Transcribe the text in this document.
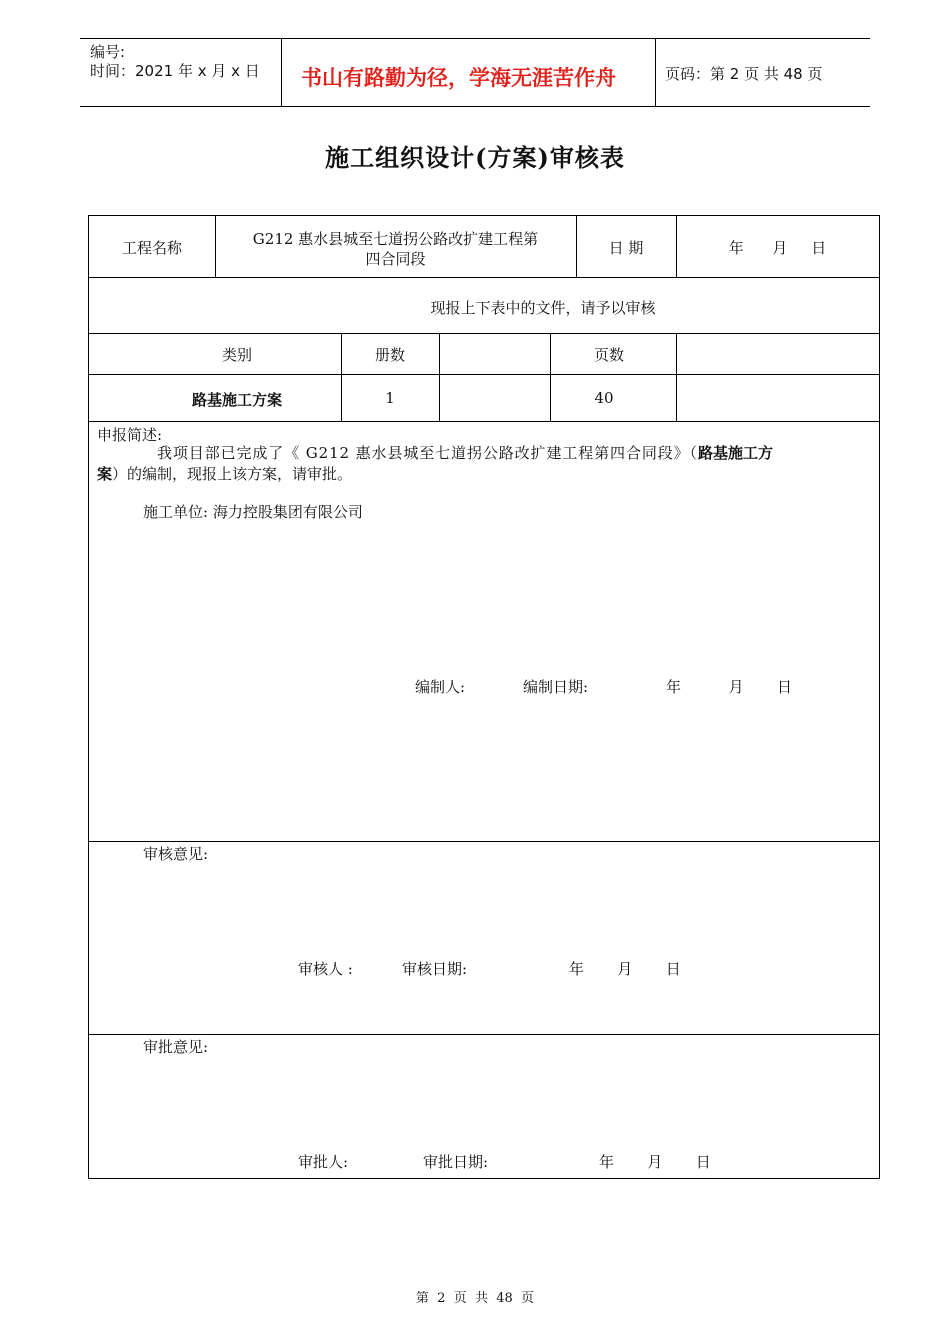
编号:
时间：2021 年 x 月 x 日 书山有路勤为径，学海无涯苦作舟	页码：第 2 页 共 48 页
施工组织设计(方案)审核表
工程名称	G212 惠水县城至七道拐公路改扩建工程第
四合同段
日 期	年      月     日
现报上下表中的文件，请予以审核
类别	册数	页数
路基施工方案	1	40
申报简述:
我项目部已完成了《 G212 惠水县城至七道拐公路改扩建工程第四合同段》（路基施工方
案）的编制，现报上该方案，请审批。
施工单位: 海力控股集团有限公司
编制人:	编制日期:	年          月       日
审核意见:
审核人 :	审核日期:	年       月       日
审批意见:
审批人:	审批日期:	年       月       日
第  2  页  共  48  页
